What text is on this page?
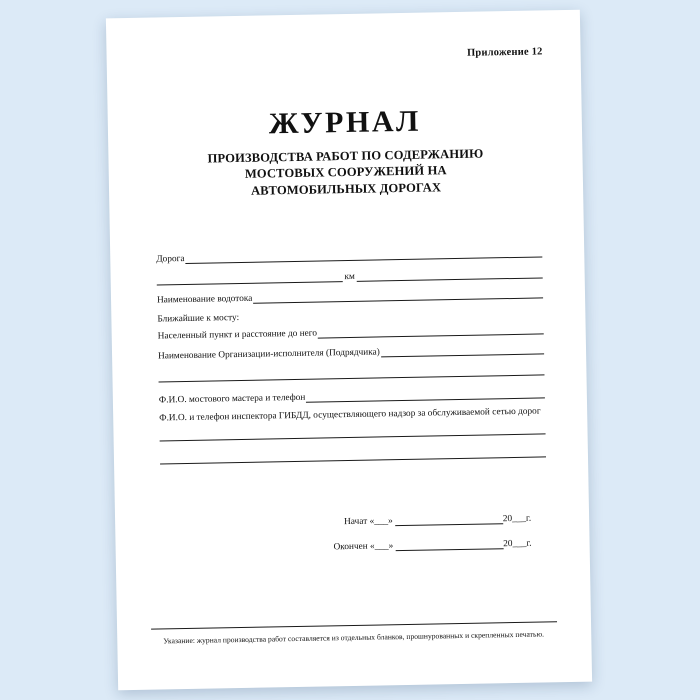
Приложение 12
ЖУРНАЛ
ПРОИЗВОДСТВА РАБОТ ПО СОДЕРЖАНИЮ
МОСТОВЫХ СООРУЖЕНИЙ НА
АВТОМОБИЛЬНЫХ ДОРОГАХ
Дорога
км
Наименование водотока
Ближайшие к мосту:
Населенный пункт и расстояние до него
Наименование Организации-исполнителя (Подрядчика)
Ф.И.О. мостового мастера и телефон
Ф.И.О. и телефон инспектора ГИБДД, осуществляющего надзор за обслуживаемой сетью дорог
Начат «___»	20___г.
Окончен «___»	20___г.
Указание: журнал производства работ составляется из отдельных бланков, прошнурованных и скрепленных печатью.
